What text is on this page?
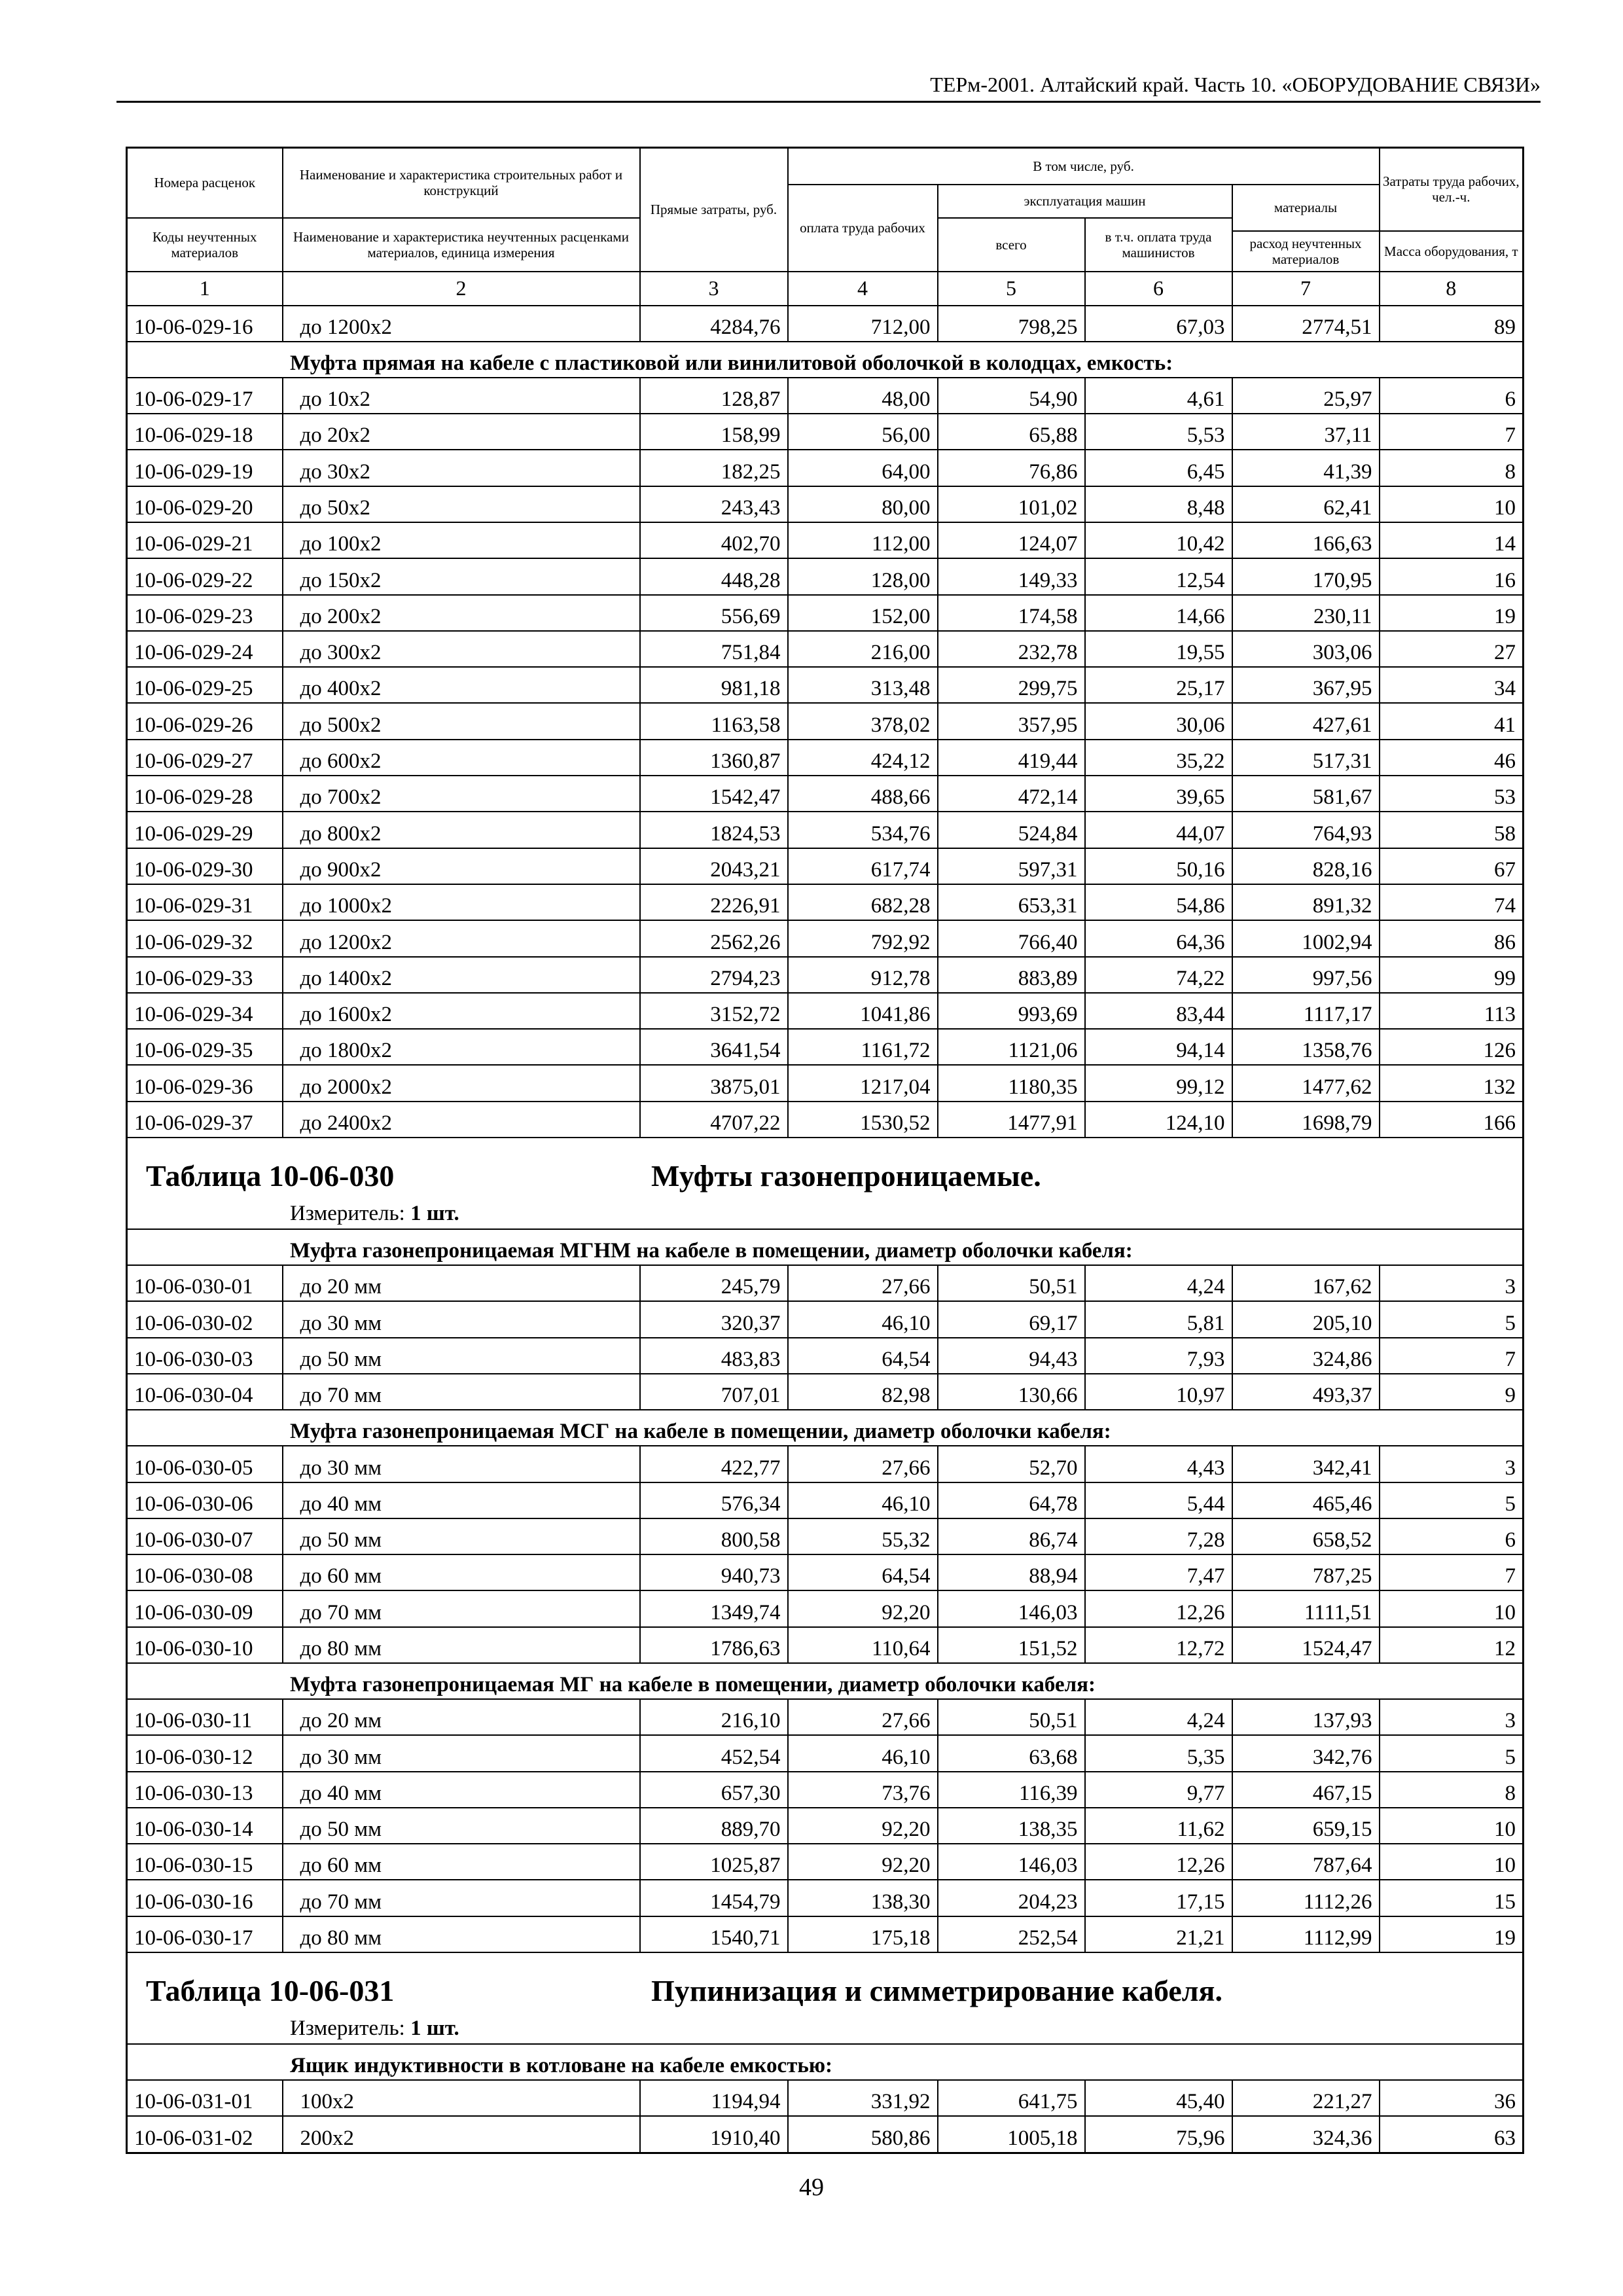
ТЕРм-2001. Алтайский край. Часть 10. «ОБОРУДОВАНИЕ СВЯЗИ»
Номера расценок	Наименование и характеристика строительных работ и конструкций	Прямые затраты, руб.	В том числе, руб.				Затраты труда рабочих, чел.-ч.
			оплата труда рабочих	эксплуатация машин		материалы	
Коды неучтенных материалов	Наименование и характеристика неучтенных расценками материалов, единица измерения			всего	в т.ч. оплата труда машинистов		
						расход неучтенных материалов	Масса оборудования, т
1	2	3	4	5	6	7	8
10-06-029-16	до 1200х2	4284,76	712,00	798,25	67,03	2774,51	89
Муфта прямая на кабеле с пластиковой или винилитовой оболочкой в колодцах, емкость:							
10-06-029-17	до 10х2	128,87	48,00	54,90	4,61	25,97	6
10-06-029-18	до 20х2	158,99	56,00	65,88	5,53	37,11	7
10-06-029-19	до 30х2	182,25	64,00	76,86	6,45	41,39	8
10-06-029-20	до 50х2	243,43	80,00	101,02	8,48	62,41	10
10-06-029-21	до 100х2	402,70	112,00	124,07	10,42	166,63	14
10-06-029-22	до 150х2	448,28	128,00	149,33	12,54	170,95	16
10-06-029-23	до 200х2	556,69	152,00	174,58	14,66	230,11	19
10-06-029-24	до 300х2	751,84	216,00	232,78	19,55	303,06	27
10-06-029-25	до 400х2	981,18	313,48	299,75	25,17	367,95	34
10-06-029-26	до 500х2	1163,58	378,02	357,95	30,06	427,61	41
10-06-029-27	до 600х2	1360,87	424,12	419,44	35,22	517,31	46
10-06-029-28	до 700х2	1542,47	488,66	472,14	39,65	581,67	53
10-06-029-29	до 800х2	1824,53	534,76	524,84	44,07	764,93	58
10-06-029-30	до 900х2	2043,21	617,74	597,31	50,16	828,16	67
10-06-029-31	до 1000х2	2226,91	682,28	653,31	54,86	891,32	74
10-06-029-32	до 1200х2	2562,26	792,92	766,40	64,36	1002,94	86
10-06-029-33	до 1400х2	2794,23	912,78	883,89	74,22	997,56	99
10-06-029-34	до 1600х2	3152,72	1041,86	993,69	83,44	1117,17	113
10-06-029-35	до 1800х2	3641,54	1161,72	1121,06	94,14	1358,76	126
10-06-029-36	до 2000х2	3875,01	1217,04	1180,35	99,12	1477,62	132
10-06-029-37	до 2400х2	4707,22	1530,52	1477,91	124,10	1698,79	166

Таблица 10-06-030 Муфты газонепроницаемые.							

Измеритель: 1 шт.							
Муфта газонепроницаемая МГНМ на кабеле в помещении, диаметр оболочки кабеля:							
10-06-030-01	до 20 мм	245,79	27,66	50,51	4,24	167,62	3
10-06-030-02	до 30 мм	320,37	46,10	69,17	5,81	205,10	5
10-06-030-03	до 50 мм	483,83	64,54	94,43	7,93	324,86	7
10-06-030-04	до 70 мм	707,01	82,98	130,66	10,97	493,37	9
Муфта газонепроницаемая МСГ на кабеле в помещении, диаметр оболочки кабеля:							
10-06-030-05	до 30 мм	422,77	27,66	52,70	4,43	342,41	3
10-06-030-06	до 40 мм	576,34	46,10	64,78	5,44	465,46	5
10-06-030-07	до 50 мм	800,58	55,32	86,74	7,28	658,52	6
10-06-030-08	до 60 мм	940,73	64,54	88,94	7,47	787,25	7
10-06-030-09	до 70 мм	1349,74	92,20	146,03	12,26	1111,51	10
10-06-030-10	до 80 мм	1786,63	110,64	151,52	12,72	1524,47	12
Муфта газонепроницаемая МГ на кабеле в помещении, диаметр оболочки кабеля:							
10-06-030-11	до 20 мм	216,10	27,66	50,51	4,24	137,93	3
10-06-030-12	до 30 мм	452,54	46,10	63,68	5,35	342,76	5
10-06-030-13	до 40 мм	657,30	73,76	116,39	9,77	467,15	8
10-06-030-14	до 50 мм	889,70	92,20	138,35	11,62	659,15	10
10-06-030-15	до 60 мм	1025,87	92,20	146,03	12,26	787,64	10
10-06-030-16	до 70 мм	1454,79	138,30	204,23	17,15	1112,26	15
10-06-030-17	до 80 мм	1540,71	175,18	252,54	21,21	1112,99	19

Таблица 10-06-031 Пупинизация и симметрирование кабеля.							

Измеритель: 1 шт.							
Ящик индуктивности в котловане на кабеле емкостью:							
10-06-031-01	100х2	1194,94	331,92	641,75	45,40	221,27	36
10-06-031-02	200х2	1910,40	580,86	1005,18	75,96	324,36	63
49
